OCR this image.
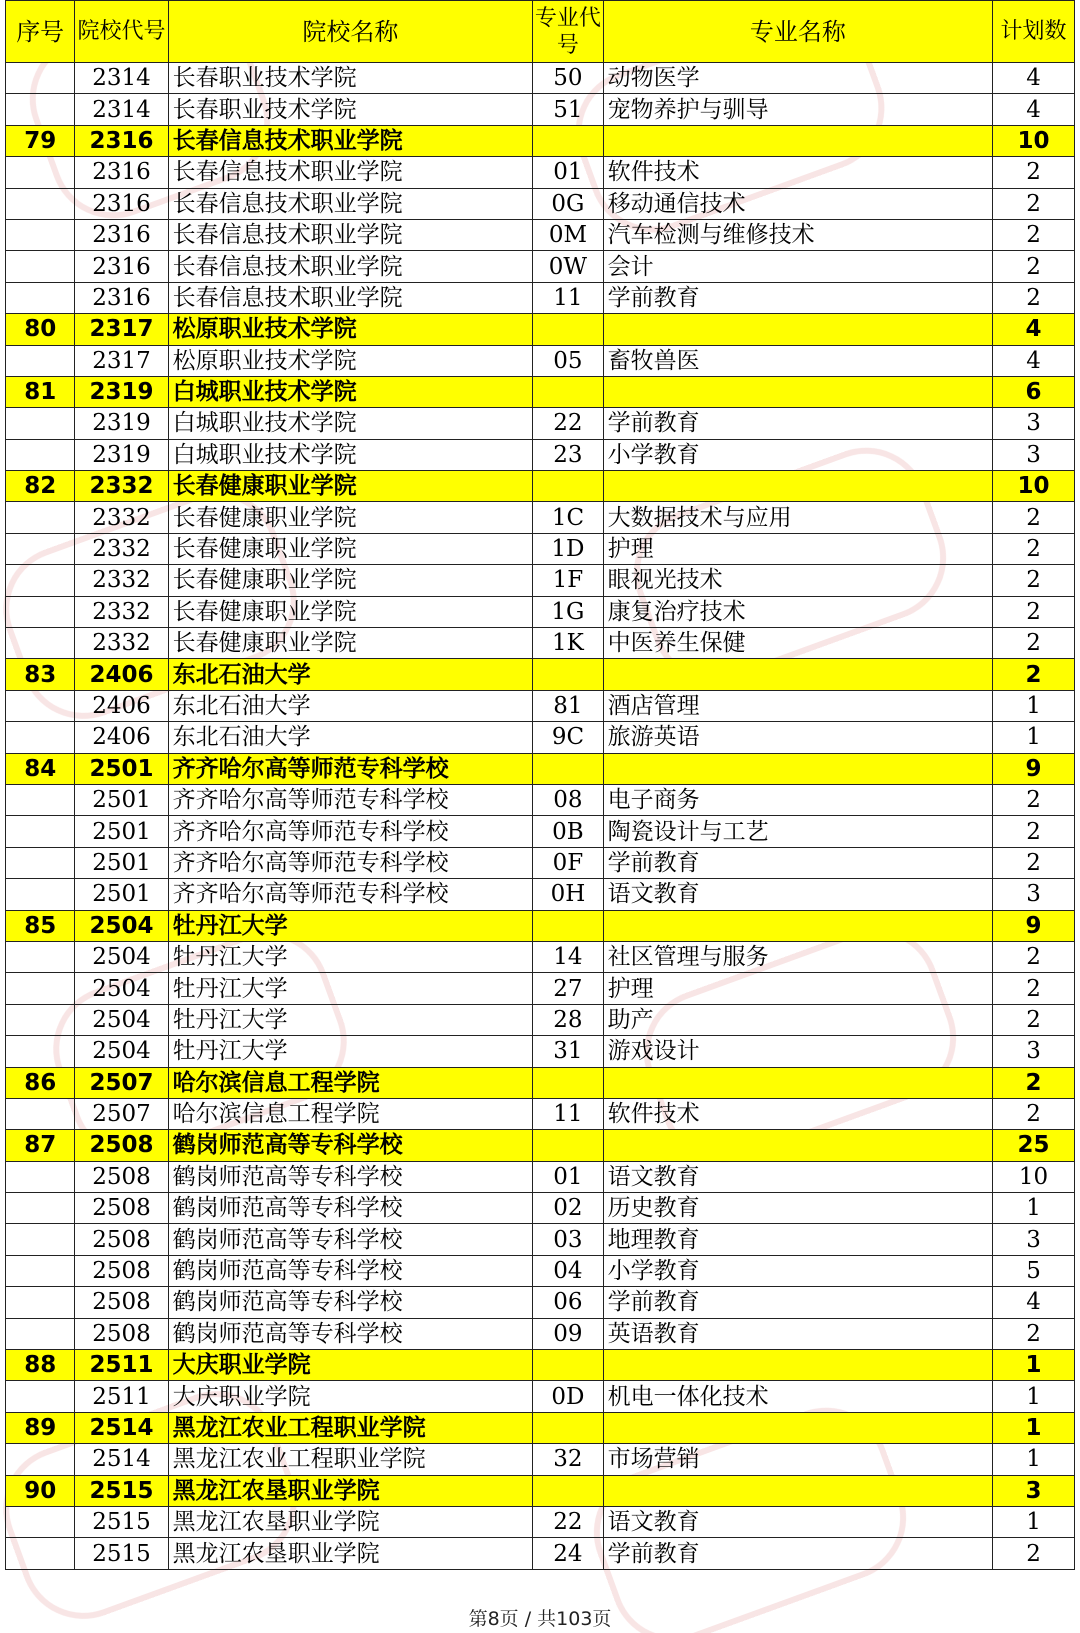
序号	院校代号	院校名称	专业代号	专业名称	计划数
	2314	长春职业技术学院	50	动物医学	4
	2314	长春职业技术学院	51	宠物养护与驯导	4
79	2316	长春信息技术职业学院			10
	2316	长春信息技术职业学院	01	软件技术	2
	2316	长春信息技术职业学院	0G	移动通信技术	2
	2316	长春信息技术职业学院	0M	汽车检测与维修技术	2
	2316	长春信息技术职业学院	0W	会计	2
	2316	长春信息技术职业学院	11	学前教育	2
80	2317	松原职业技术学院			4
	2317	松原职业技术学院	05	畜牧兽医	4
81	2319	白城职业技术学院			6
	2319	白城职业技术学院	22	学前教育	3
	2319	白城职业技术学院	23	小学教育	3
82	2332	长春健康职业学院			10
	2332	长春健康职业学院	1C	大数据技术与应用	2
	2332	长春健康职业学院	1D	护理	2
	2332	长春健康职业学院	1F	眼视光技术	2
	2332	长春健康职业学院	1G	康复治疗技术	2
	2332	长春健康职业学院	1K	中医养生保健	2
83	2406	东北石油大学			2
	2406	东北石油大学	81	酒店管理	1
	2406	东北石油大学	9C	旅游英语	1
84	2501	齐齐哈尔高等师范专科学校			9
	2501	齐齐哈尔高等师范专科学校	08	电子商务	2
	2501	齐齐哈尔高等师范专科学校	0B	陶瓷设计与工艺	2
	2501	齐齐哈尔高等师范专科学校	0F	学前教育	2
	2501	齐齐哈尔高等师范专科学校	0H	语文教育	3
85	2504	牡丹江大学			9
	2504	牡丹江大学	14	社区管理与服务	2
	2504	牡丹江大学	27	护理	2
	2504	牡丹江大学	28	助产	2
	2504	牡丹江大学	31	游戏设计	3
86	2507	哈尔滨信息工程学院			2
	2507	哈尔滨信息工程学院	11	软件技术	2
87	2508	鹤岗师范高等专科学校			25
	2508	鹤岗师范高等专科学校	01	语文教育	10
	2508	鹤岗师范高等专科学校	02	历史教育	1
	2508	鹤岗师范高等专科学校	03	地理教育	3
	2508	鹤岗师范高等专科学校	04	小学教育	5
	2508	鹤岗师范高等专科学校	06	学前教育	4
	2508	鹤岗师范高等专科学校	09	英语教育	2
88	2511	大庆职业学院			1
	2511	大庆职业学院	0D	机电一体化技术	1
89	2514	黑龙江农业工程职业学院			1
	2514	黑龙江农业工程职业学院	32	市场营销	1
90	2515	黑龙江农垦职业学院			3
	2515	黑龙江农垦职业学院	22	语文教育	1
	2515	黑龙江农垦职业学院	24	学前教育	2
第8页 / 共103页
